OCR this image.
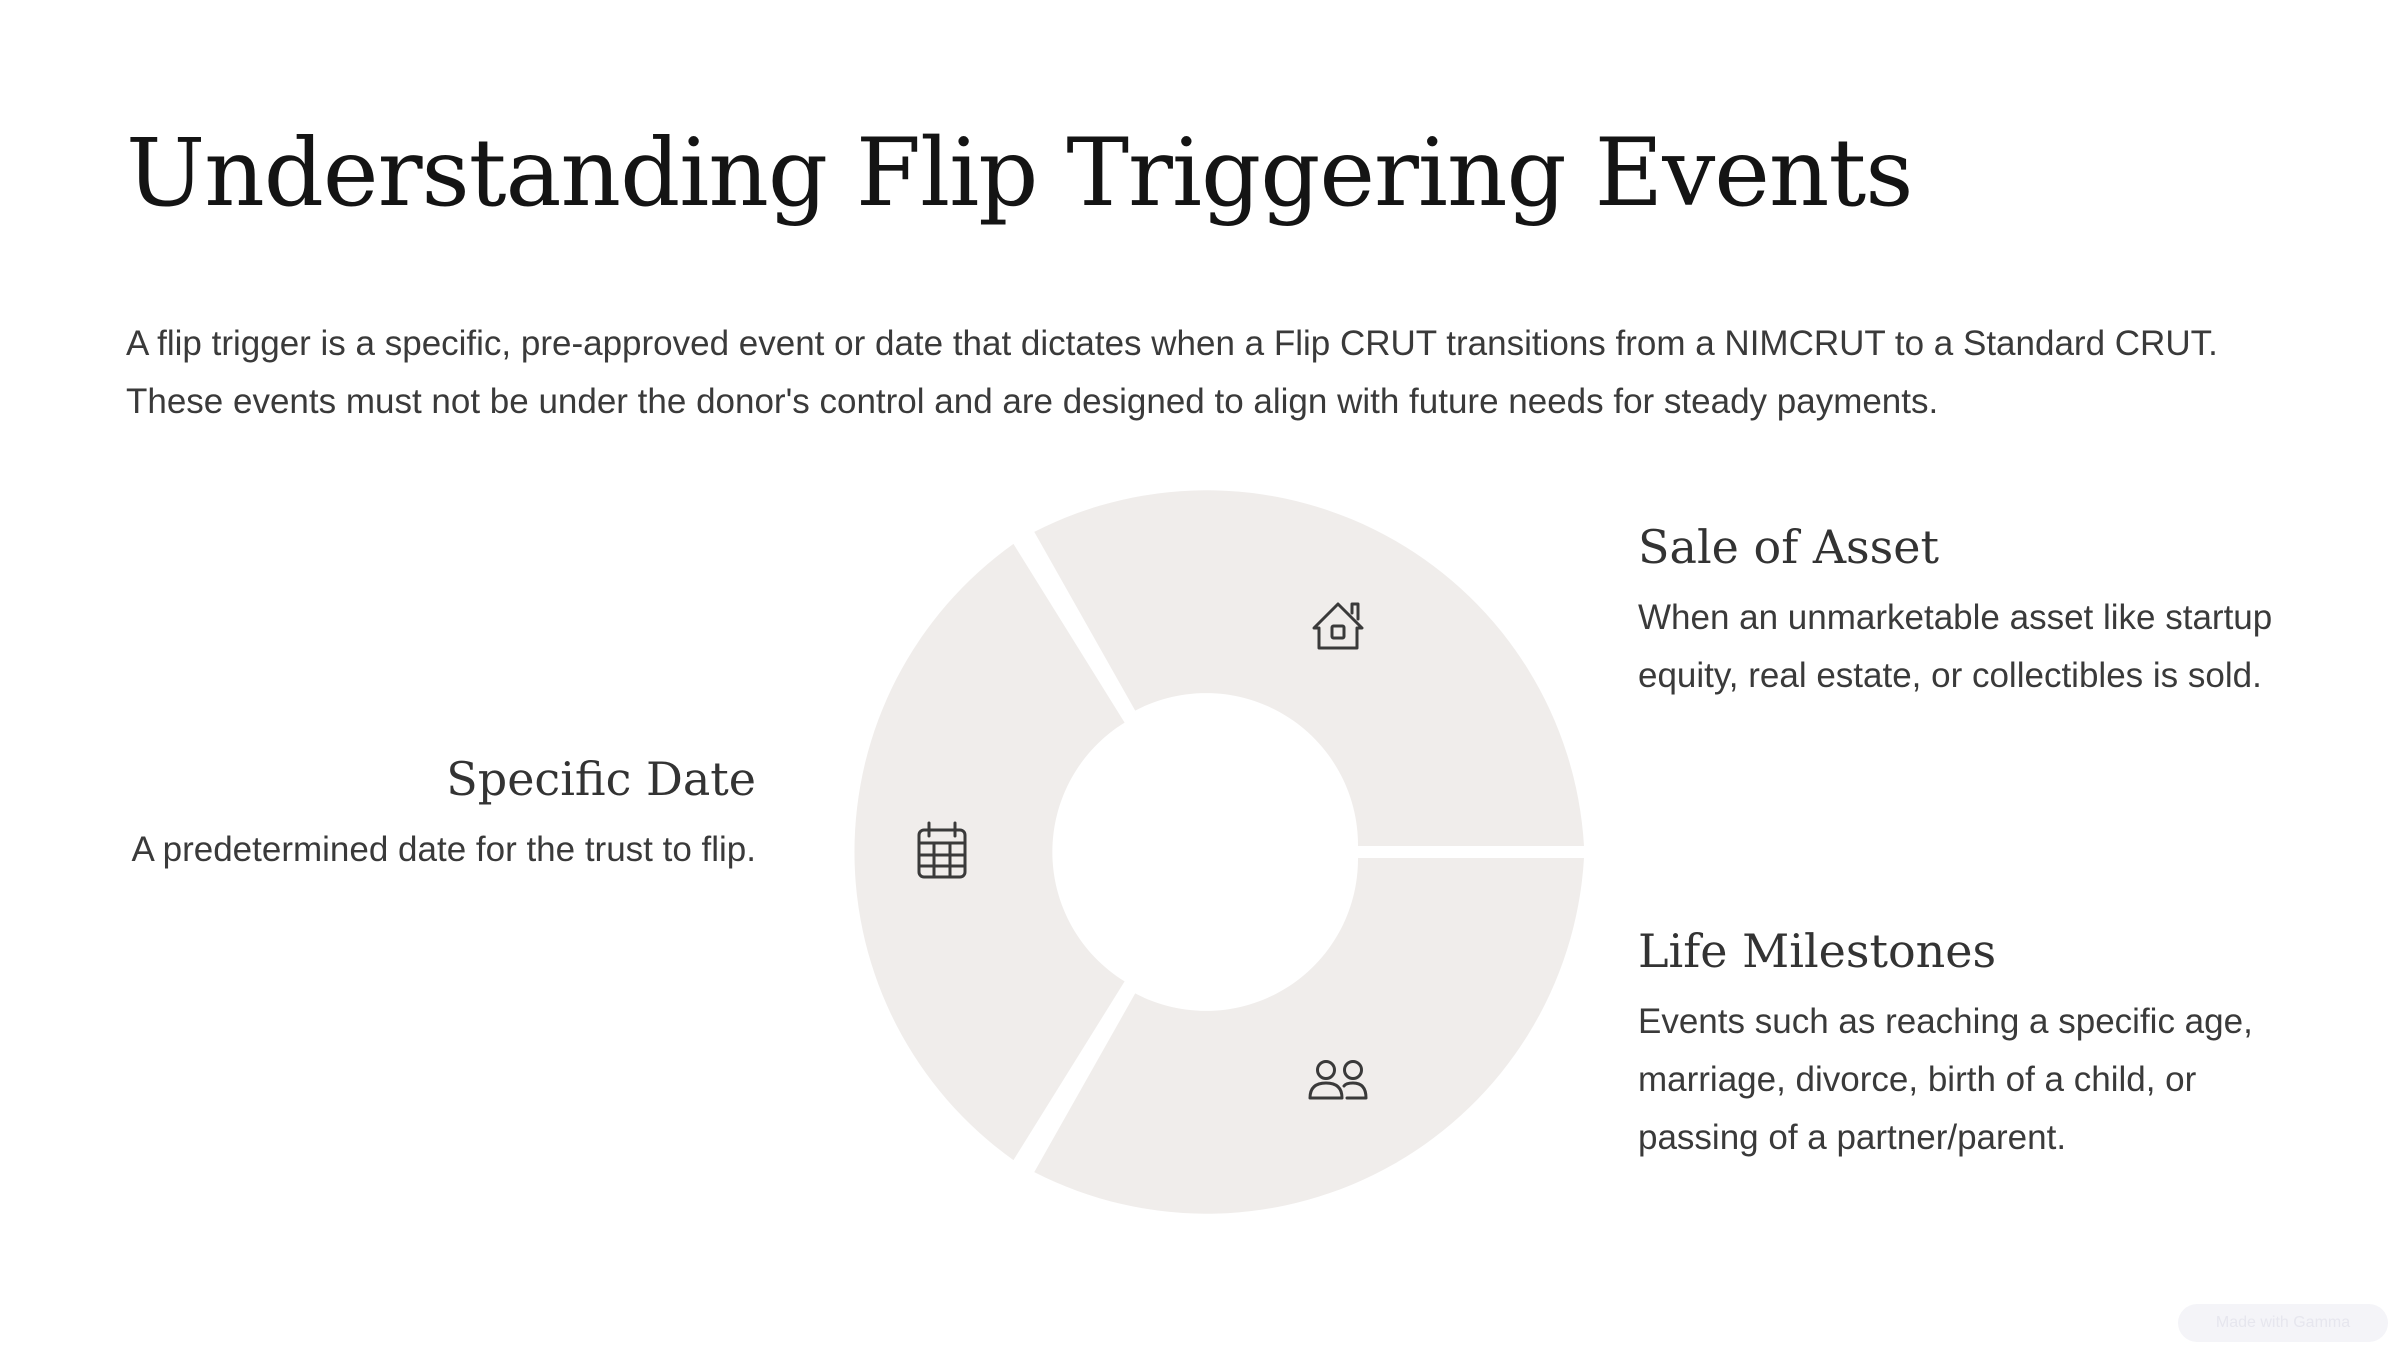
Understanding Flip Triggering Events

A flip trigger is a specific, pre-approved event or date that dictates when a Flip CRUT transitions from a NIMCRUT to a Standard CRUT. These events must not be under the donor's control and are designed to align with future needs for steady payments.

Sale of Asset

When an unmarketable asset like startup equity, real estate, or collectibles is sold.

Life Milestones

Events such as reaching a specific age, marriage, divorce, birth of a child, or passing of a partner/parent.

Specific Date

A predetermined date for the trust to flip.

Made with Gamma
